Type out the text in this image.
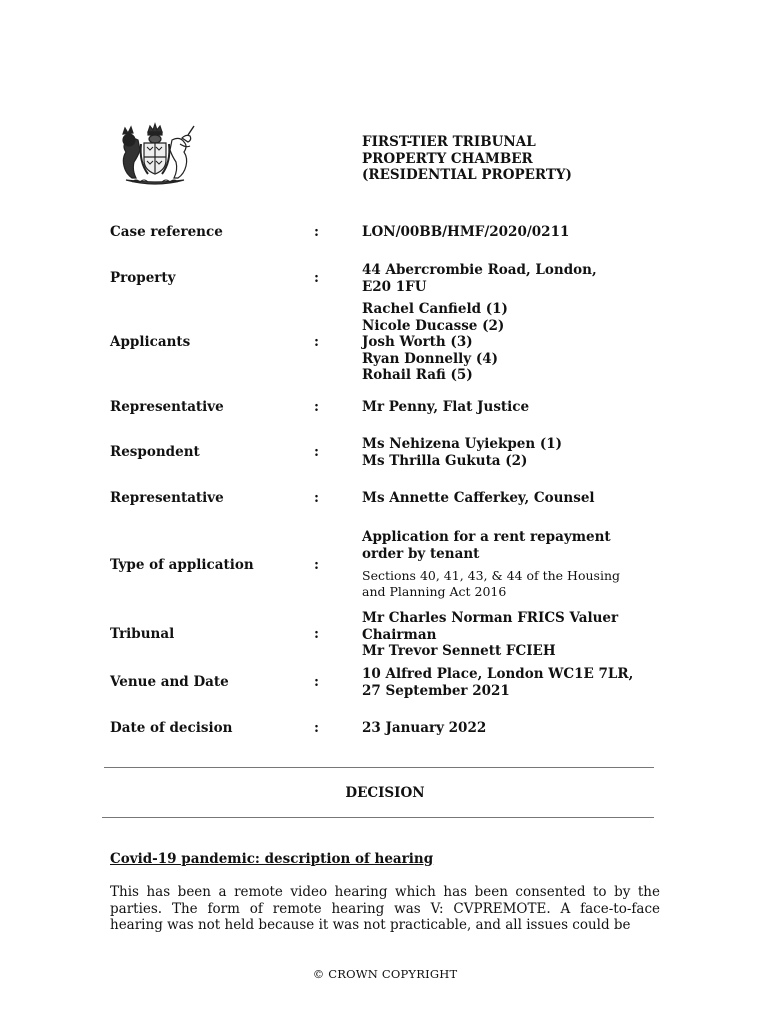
FIRST-TIER TRIBUNAL
PROPERTY CHAMBER
(RESIDENTIAL PROPERTY)
Case reference	:	LON/00BB/HMF/2020/0211
Property	:	44 Abercrombie Road, London,
E20 1FU
Applicants	:
Rachel Canfield (1)
Nicole Ducasse (2)
Josh Worth (3)
Ryan Donnelly (4)
Rohail Rafi (5)
Representative	:	Mr Penny, Flat Justice
Respondent	:	Ms Nehizena Uyiekpen (1)
Ms Thrilla Gukuta (2)
Representative	:	Ms Annette Cafferkey, Counsel
Type of application	:
Application for a rent repayment
order by tenant
Sections 40, 41, 43, & 44 of the Housing
and Planning Act 2016
Tribunal	:
Mr Charles Norman FRICS Valuer
Chairman
Mr Trevor Sennett FCIEH
Venue and Date	:	10 Alfred Place, London WC1E 7LR,
27 September 2021
Date of decision	:	23 January 2022
DECISION
Covid-19 pandemic: description of hearing
This has been a remote video hearing which has been consented to by the parties. The form of remote hearing was V: CVPREMOTE. A face-to-face hearing was not held because it was not practicable, and all issues could be
© CROWN COPYRIGHT
